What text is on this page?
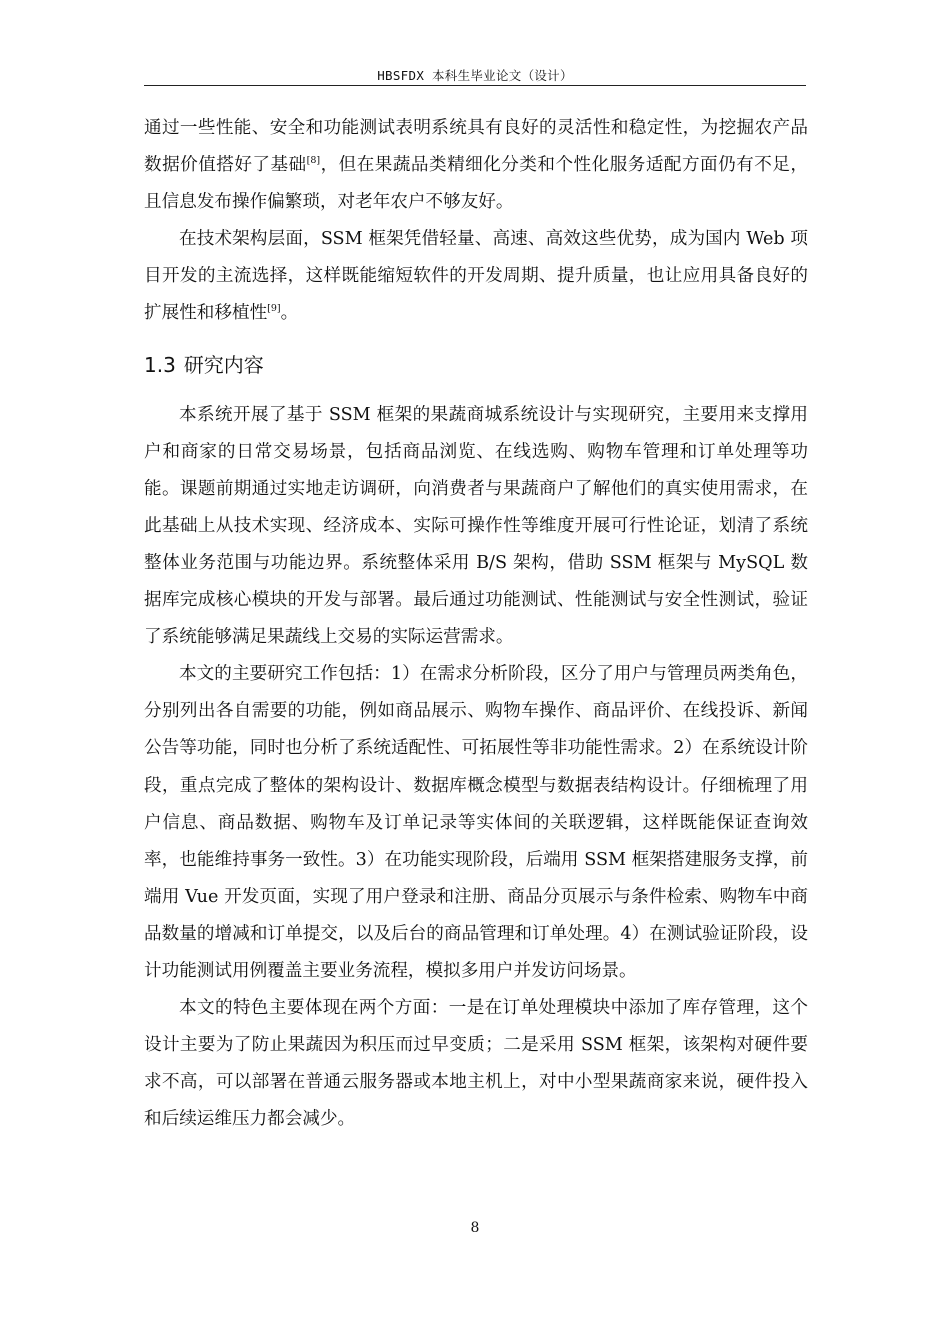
HBSFDX 本科生毕业论文（设计）

通过一些性能、安全和功能测试表明系统具有良好的灵活性和稳定性，为挖掘农产品数据价值搭好了基础[8]，但在果蔬品类精细化分类和个性化服务适配方面仍有不足，且信息发布操作偏繁琐，对老年农户不够友好。

在技术架构层面，SSM 框架凭借轻量、高速、高效这些优势，成为国内 Web 项目开发的主流选择，这样既能缩短软件的开发周期、提升质量，也让应用具备良好的扩展性和移植性[9]。

1.3 研究内容

本系统开展了基于 SSM 框架的果蔬商城系统设计与实现研究，主要用来支撑用户和商家的日常交易场景，包括商品浏览、在线选购、购物车管理和订单处理等功能。课题前期通过实地走访调研，向消费者与果蔬商户了解他们的真实使用需求，在此基础上从技术实现、经济成本、实际可操作性等维度开展可行性论证，划清了系统整体业务范围与功能边界。系统整体采用 B/S 架构，借助 SSM 框架与 MySQL 数据库完成核心模块的开发与部署。最后通过功能测试、性能测试与安全性测试，验证了系统能够满足果蔬线上交易的实际运营需求。

本文的主要研究工作包括：1）在需求分析阶段，区分了用户与管理员两类角色，分别列出各自需要的功能，例如商品展示、购物车操作、商品评价、在线投诉、新闻公告等功能，同时也分析了系统适配性、可拓展性等非功能性需求。2）在系统设计阶段，重点完成了整体的架构设计、数据库概念模型与数据表结构设计。仔细梳理了用户信息、商品数据、购物车及订单记录等实体间的关联逻辑，这样既能保证查询效率，也能维持事务一致性。3）在功能实现阶段，后端用 SSM 框架搭建服务支撑，前端用 Vue 开发页面，实现了用户登录和注册、商品分页展示与条件检索、购物车中商品数量的增减和订单提交，以及后台的商品管理和订单处理。4）在测试验证阶段，设计功能测试用例覆盖主要业务流程，模拟多用户并发访问场景。

本文的特色主要体现在两个方面：一是在订单处理模块中添加了库存管理，这个设计主要为了防止果蔬因为积压而过早变质；二是采用 SSM 框架，该架构对硬件要求不高，可以部署在普通云服务器或本地主机上，对中小型果蔬商家来说，硬件投入和后续运维压力都会减少。

8
